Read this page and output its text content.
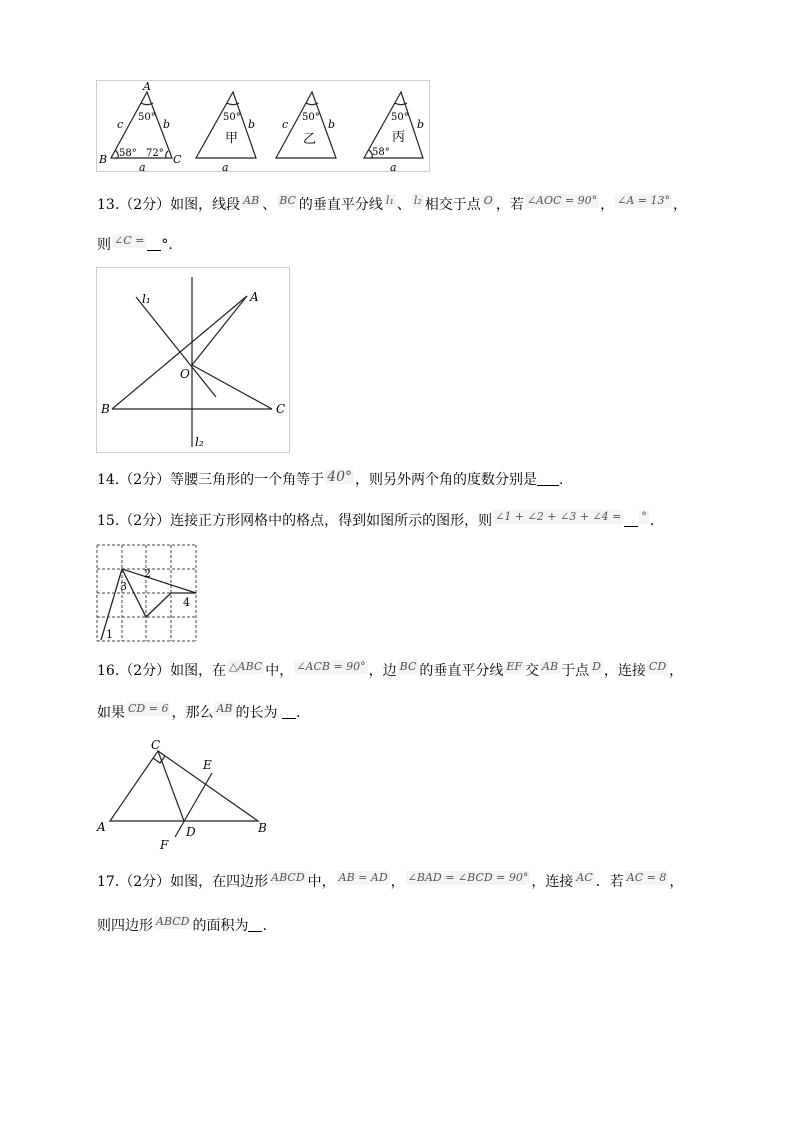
A
B	C
50°
58° 72°
c	b
a
50°
甲
b
a
50°
乙
c	b
50°
丙
58°
b
a
13.（2分）如图，线段 AB 、 BC 的垂直平分线 l₁ 、 l₂ 相交于点 O ，若 ∠AOC = 90° ， ∠A = 13° ，
则 ∠C = °.
l₁
l₂
A
B	C
O
14.（2分）等腰三角形的一个角等于 40° ，则另外两个角的度数分别是 .
15.（2分）连接正方形网格中的格点，得到如图所示的图形，则 ∠1 + ∠2 + ∠3 + ∠4 = ° .
1
2
3
4
16.（2分）如图，在 △ABC 中， ∠ACB = 90° ，边 BC 的垂直平分线 EF 交 AB 于点 D ，连接 CD ，
如果 CD = 6 ，那么 AB 的长为 .
C
A	B
D
E
F
17.（2分）如图，在四边形 ABCD 中， AB = AD ， ∠BAD = ∠BCD = 90° ，连接 AC ．若 AC = 8 ，
则四边形 ABCD 的面积为 .
